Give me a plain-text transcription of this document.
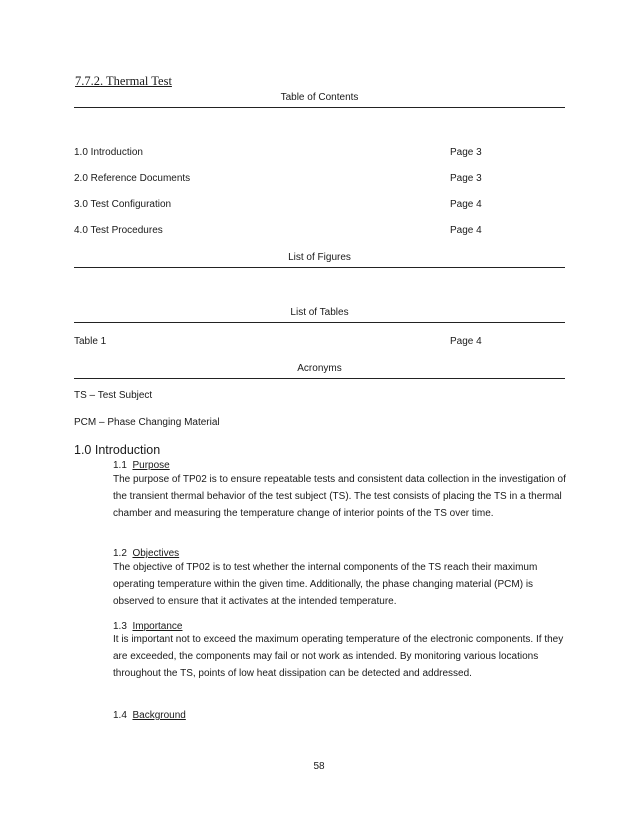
7.7.2. Thermal Test
Table of Contents
1.0 Introduction	Page 3
2.0 Reference Documents	Page 3
3.0 Test Configuration	Page 4
4.0 Test Procedures	Page 4
List of Figures
List of Tables
Table 1	Page 4
Acronyms
TS – Test Subject
PCM – Phase Changing Material
1.0 Introduction
1.1 Purpose
The purpose of TP02 is to ensure repeatable tests and consistent data collection in the investigation of the transient thermal behavior of the test subject (TS). The test consists of placing the TS in a thermal chamber and measuring the temperature change of interior points of the TS over time.
1.2 Objectives
The objective of TP02 is to test whether the internal components of the TS reach their maximum operating temperature within the given time. Additionally, the phase changing material (PCM) is observed to ensure that it activates at the intended temperature.
1.3 Importance
It is important not to exceed the maximum operating temperature of the electronic components. If they are exceeded, the components may fail or not work as intended. By monitoring various locations throughout the TS, points of low heat dissipation can be detected and addressed.
1.4 Background
58
